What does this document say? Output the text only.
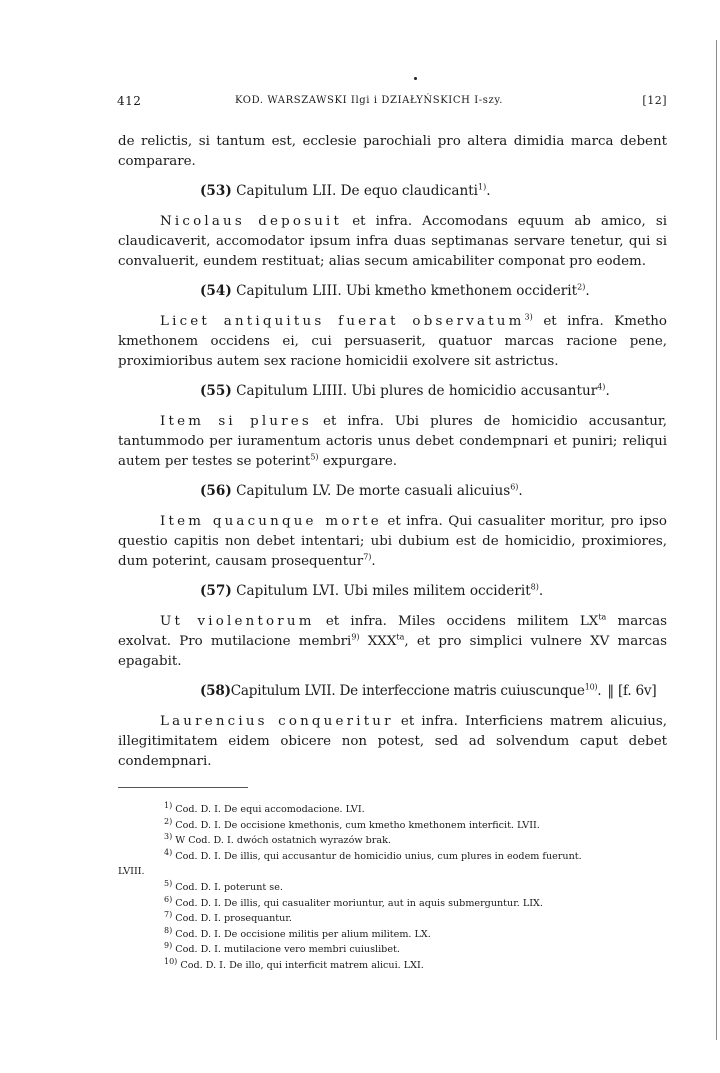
412	KOD. WARSZAWSKI Ilgi i DZIAŁYŃSKICH I-szy.	[12]

de relictis, si tantum est, ecclesie parochiali pro altera dimidia marca debent comparare.

(53) Capitulum LII. De equo claudicanti$^{1)}$.

Nicolaus deposuit et infra. Accomodans equum ab amico, si claudicaverit, accomodator ipsum infra duas septimanas servare tenetur, qui si convaluerit, eundem restituat; alias secum amicabiliter componat pro eodem.

(54) Capitulum LIII. Ubi kmetho kmethonem occiderit$^{2)}$.

Licet antiquitus fuerat observatum$^{3)}$ et infra. Kmetho kmethonem occidens ei, cui persuaserit, quatuor marcas racione pene, proximioribus autem sex racione homicidii exolvere sit astrictus.

(55) Capitulum LIIII. Ubi plures de homicidio accusantur$^{4)}$.

Item si plures et infra. Ubi plures de homicidio accusantur, tantummodo per iuramentum actoris unus debet condempnari et puniri; reliqui autem per testes se poterint$^{5)}$ expurgare.

(56) Capitulum LV. De morte casuali alicuius$^{6)}$.

Item quacunque morte et infra. Qui casualiter moritur, pro ipso questio capitis non debet intentari; ubi dubium est de homicidio, proximiores, dum poterint, causam prosequentur$^{7)}$.

(57) Capitulum LVI. Ubi miles militem occiderit$^{8)}$.

Ut violentorum et infra. Miles occidens militem $LX^{ta}$ marcas exolvat. Pro mutilacione membri$^{9)}$ $XXX^{ta}$, et pro simplici vulnere XV marcas epagabit.

(58)Capitulum LVII. De interfeccione matris cuiuscunque$^{10)}$. ‖ [f. 6v]

Laurencius conqueritur et infra. Interficiens matrem alicuius, illegitimitatem eidem obicere non potest, sed ad solvendum caput debet condempnari.

$^{1)}$ Cod. D. I. De equi accomodacione. LVI.
$^{2)}$ Cod. D. I. De occisione kmethonis, cum kmetho kmethonem interficit. LVII.
$^{3)}$ W Cod. D. I. dwóch ostatnich wyrazów brak.
$^{4)}$ Cod. D. I. De illis, qui accusantur de homicidio unius, cum plures in eodem fuerunt.
LVIII.
$^{5)}$ Cod. D. I. poterunt se.
$^{6)}$ Cod. D. I. De illis, qui casualiter moriuntur, aut in aquis submerguntur. LIX.
$^{7)}$ Cod. D. I. prosequantur.
$^{8)}$ Cod. D. I. De occisione militis per alium militem. LX.
$^{9)}$ Cod. D. I. mutilacione vero membri cuiuslibet.
$^{10)}$ Cod. D. I. De illo, qui interficit matrem alicui. LXI.
